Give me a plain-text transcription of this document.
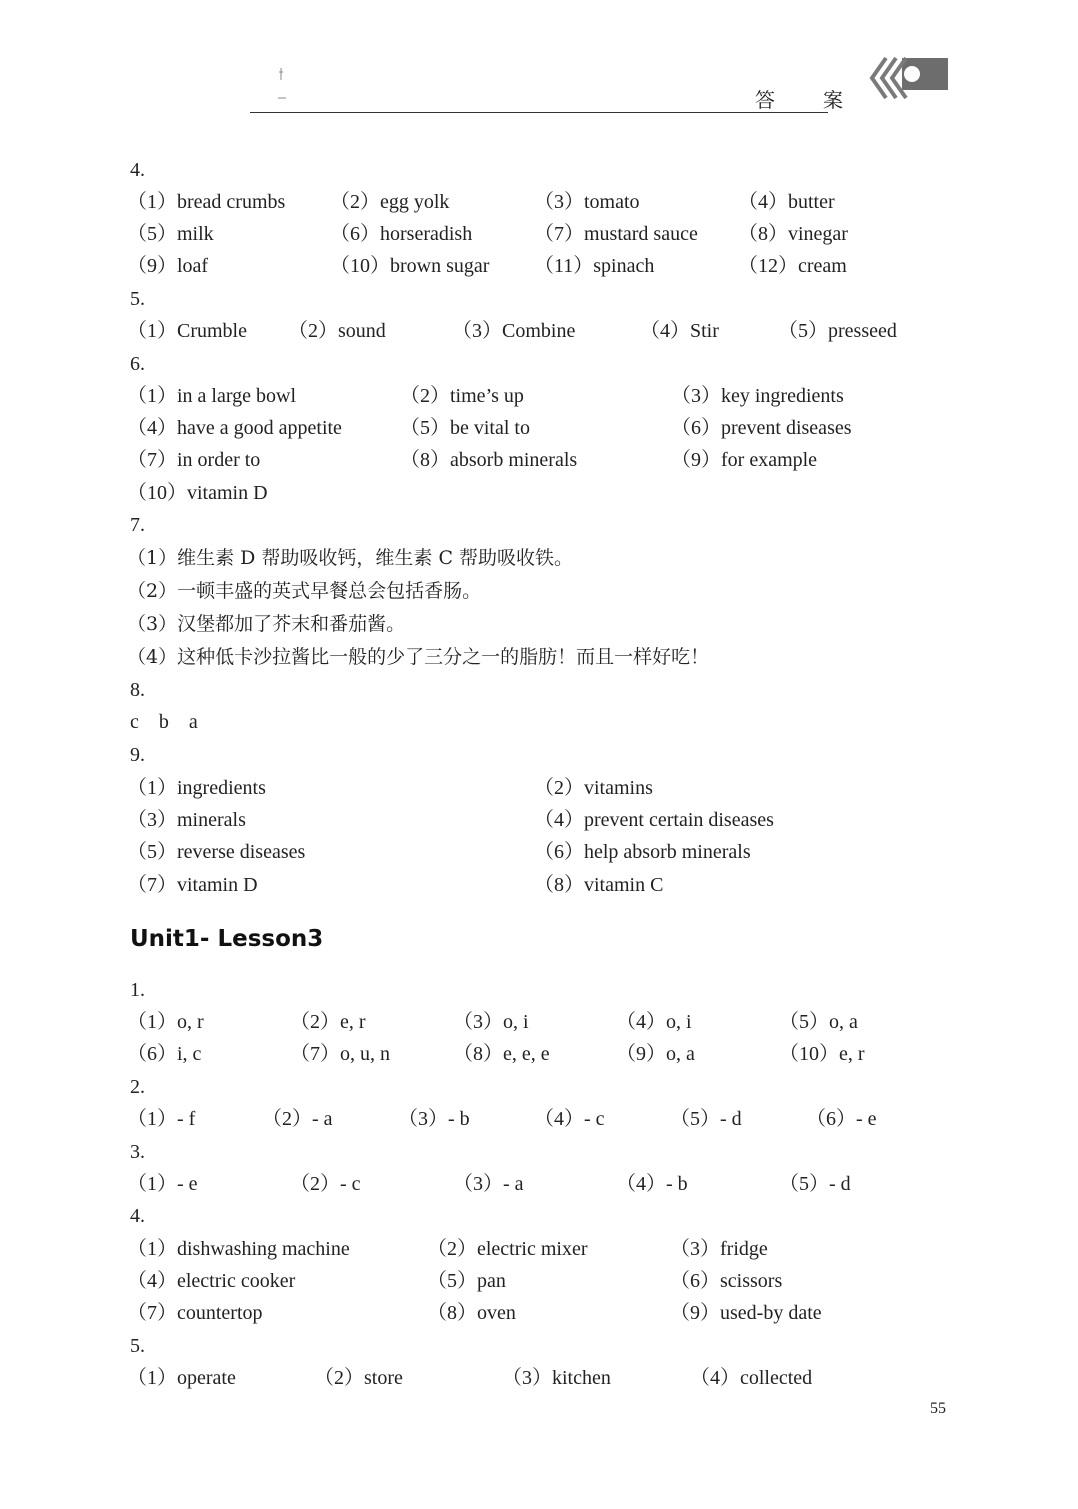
答　案
4.
（1）bread crumbs （2）egg yolk	（3）tomato	（4）butter
（5）milk	（6）horseradish	（7）mustard sauce （8）vinegar
（9）loaf	（10）brown sugar （11）spinach	（12）cream
5.
（1）Crumble （2）sound	（3）Combine	（4）Stir	（5）presseed
6.
（1）in a large bowl	（2）time’s up	（3）key ingredients
（4）have a good appetite	（5）be vital to	（6）prevent diseases
（7）in order to	（8）absorb minerals	（9）for example
（10）vitamin D
7.
（1）维生素 D 帮助吸收钙，维生素 C 帮助吸收铁。
（2）一顿丰盛的英式早餐总会包括香肠。
（3）汉堡都加了芥末和番茄酱。
（4）这种低卡沙拉酱比一般的少了三分之一的脂肪！而且一样好吃！
8.
c　b　a
9.
（1）ingredients	（2）vitamins
（3）minerals	（4）prevent certain diseases
（5）reverse diseases	（6）help absorb minerals
（7）vitamin D	（8）vitamin C
Unit1- Lesson3
1.
（1）o, r	（2）e, r	（3）o, i	（4）o, i	（5）o, a
（6）i, c	（7）o, u, n	（8）e, e, e	（9）o, a	（10）e, r
2.
（1）- f	（2）- a	（3）- b	（4）- c	（5）- d	（6）- e
3.
（1）- e	（2）- c	（3）- a	（4）- b	（5）- d
4.
（1）dishwashing machine	（2）electric mixer	（3）fridge
（4）electric cooker	（5）pan	（6）scissors
（7）countertop	（8）oven	（9）used-by date
5.
（1）operate	（2）store	（3）kitchen	（4）collected
55
